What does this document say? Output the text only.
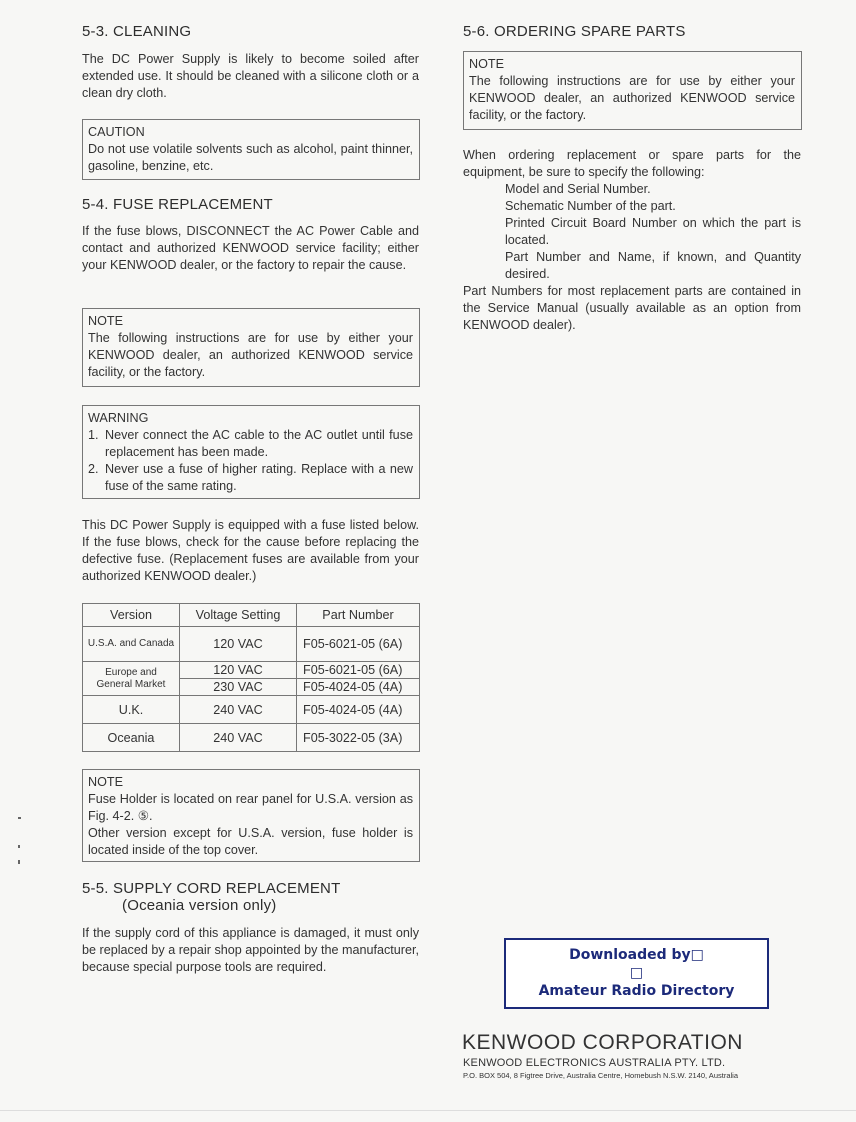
5-3. CLEANING

The DC Power Supply is likely to become soiled after extended use. It should be cleaned with a silicone cloth or a clean dry cloth.

CAUTION
Do not use volatile solvents such as alcohol, paint thinner, gasoline, benzine, etc.
5-4. FUSE REPLACEMENT

If the fuse blows, DISCONNECT the AC Power Cable and contact and authorized KENWOOD service facility; either your KENWOOD dealer, or the factory to repair the cause.

NOTE
The following instructions are for use by either your KENWOOD dealer, an authorized KENWOOD service facility, or the factory.
WARNING
1. Never connect the AC cable to the AC outlet until fuse replacement has been made.
2. Never use a fuse of higher rating. Replace with a new fuse of the same rating.

This DC Power Supply is equipped with a fuse listed below. If the fuse blows, check for the cause before replacing the defective fuse. (Replacement fuses are available from your authorized KENWOOD dealer.)

Version	Voltage Setting	Part Number
U.S.A. and Canada	120 VAC	F05-6021-05 (6A)
Europe and General Market	120 VAC	F05-6021-05 (6A)
	230 VAC	F05-4024-05 (4A)
U.K.	240 VAC	F05-4024-05 (4A)
Oceania	240 VAC	F05-3022-05 (3A)
NOTE
Fuse Holder is located on rear panel for U.S.A. version as Fig. 4-2. ⑤.
Other version except for U.S.A. version, fuse holder is located inside of the top cover.
5-5. SUPPLY CORD REPLACEMENT
(Oceania version only)

If the supply cord of this appliance is damaged, it must only be replaced by a repair shop appointed by the manufacturer, because special purpose tools are required.

5-6. ORDERING SPARE PARTS
NOTE
The following instructions are for use by either your KENWOOD dealer, an authorized KENWOOD service facility, or the factory.

When ordering replacement or spare parts for the equipment, be sure to specify the following:

Model and Serial Number.

Schematic Number of the part.

Printed Circuit Board Number on which the part is located.

Part Number and Name, if known, and Quantity desired.

Part Numbers for most replacement parts are contained in the Service Manual (usually available as an option from KENWOOD dealer).

Downloaded by□
□
Amateur Radio Directory
KENWOOD CORPORATION
KENWOOD ELECTRONICS AUSTRALIA PTY. LTD.
P.O. BOX 504, 8 Figtree Drive, Australia Centre, Homebush N.S.W. 2140, Australia
